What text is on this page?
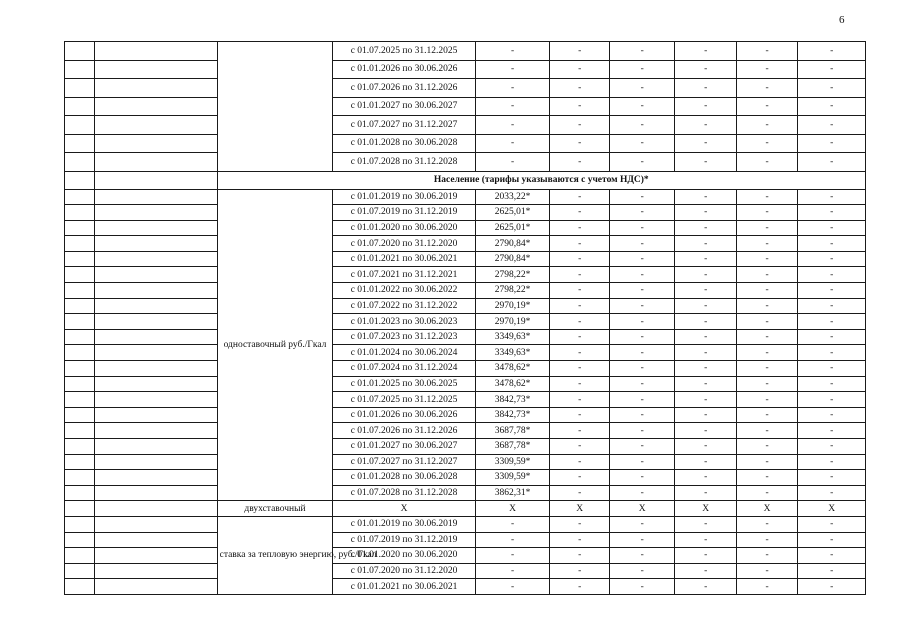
6
			с 01.07.2025 по 31.12.2025	-	-	-	-	-	-
			с 01.01.2026 по 30.06.2026	-	-	-	-	-	-
			с 01.07.2026 по 31.12.2026	-	-	-	-	-	-
			с 01.01.2027 по 30.06.2027	-	-	-	-	-	-
			с 01.07.2027 по 31.12.2027	-	-	-	-	-	-
			с 01.01.2028 по 30.06.2028	-	-	-	-	-	-
			с 01.07.2028 по 31.12.2028	-	-	-	-	-	-
		Население (тарифы указываются с учетом НДС)*							
		одноставочный руб./Гкал	с 01.01.2019 по 30.06.2019	2033,22*	-	-	-	-	-
			с 01.07.2019 по 31.12.2019	2625,01*	-	-	-	-	-
			с 01.01.2020 по 30.06.2020	2625,01*	-	-	-	-	-
			с 01.07.2020 по 31.12.2020	2790,84*	-	-	-	-	-
			с 01.01.2021 по 30.06.2021	2790,84*	-	-	-	-	-
			с 01.07.2021 по 31.12.2021	2798,22*	-	-	-	-	-
			с 01.01.2022 по 30.06.2022	2798,22*	-	-	-	-	-
			с 01.07.2022 по 31.12.2022	2970,19*	-	-	-	-	-
			с 01.01.2023 по 30.06.2023	2970,19*	-	-	-	-	-
			с 01.07.2023 по 31.12.2023	3349,63*	-	-	-	-	-
			с 01.01.2024 по 30.06.2024	3349,63*	-	-	-	-	-
			с 01.07.2024 по 31.12.2024	3478,62*	-	-	-	-	-
			с 01.01.2025 по 30.06.2025	3478,62*	-	-	-	-	-
			с 01.07.2025 по 31.12.2025	3842,73*	-	-	-	-	-
			с 01.01.2026 по 30.06.2026	3842,73*	-	-	-	-	-
			с 01.07.2026 по 31.12.2026	3687,78*	-	-	-	-	-
			с 01.01.2027 по 30.06.2027	3687,78*	-	-	-	-	-
			с 01.07.2027 по 31.12.2027	3309,59*	-	-	-	-	-
			с 01.01.2028 по 30.06.2028	3309,59*	-	-	-	-	-
			с 01.07.2028 по 31.12.2028	3862,31*	-	-	-	-	-
		двухставочный	Х	Х	Х	Х	Х	Х	Х
		ставка за тепловую энергию, руб./Гкал	с 01.01.2019 по 30.06.2019	-	-	-	-	-	-
			с 01.07.2019 по 31.12.2019	-	-	-	-	-	-
			с 01.01.2020 по 30.06.2020	-	-	-	-	-	-
			с 01.07.2020 по 31.12.2020	-	-	-	-	-	-
			с 01.01.2021 по 30.06.2021	-	-	-	-	-	-
